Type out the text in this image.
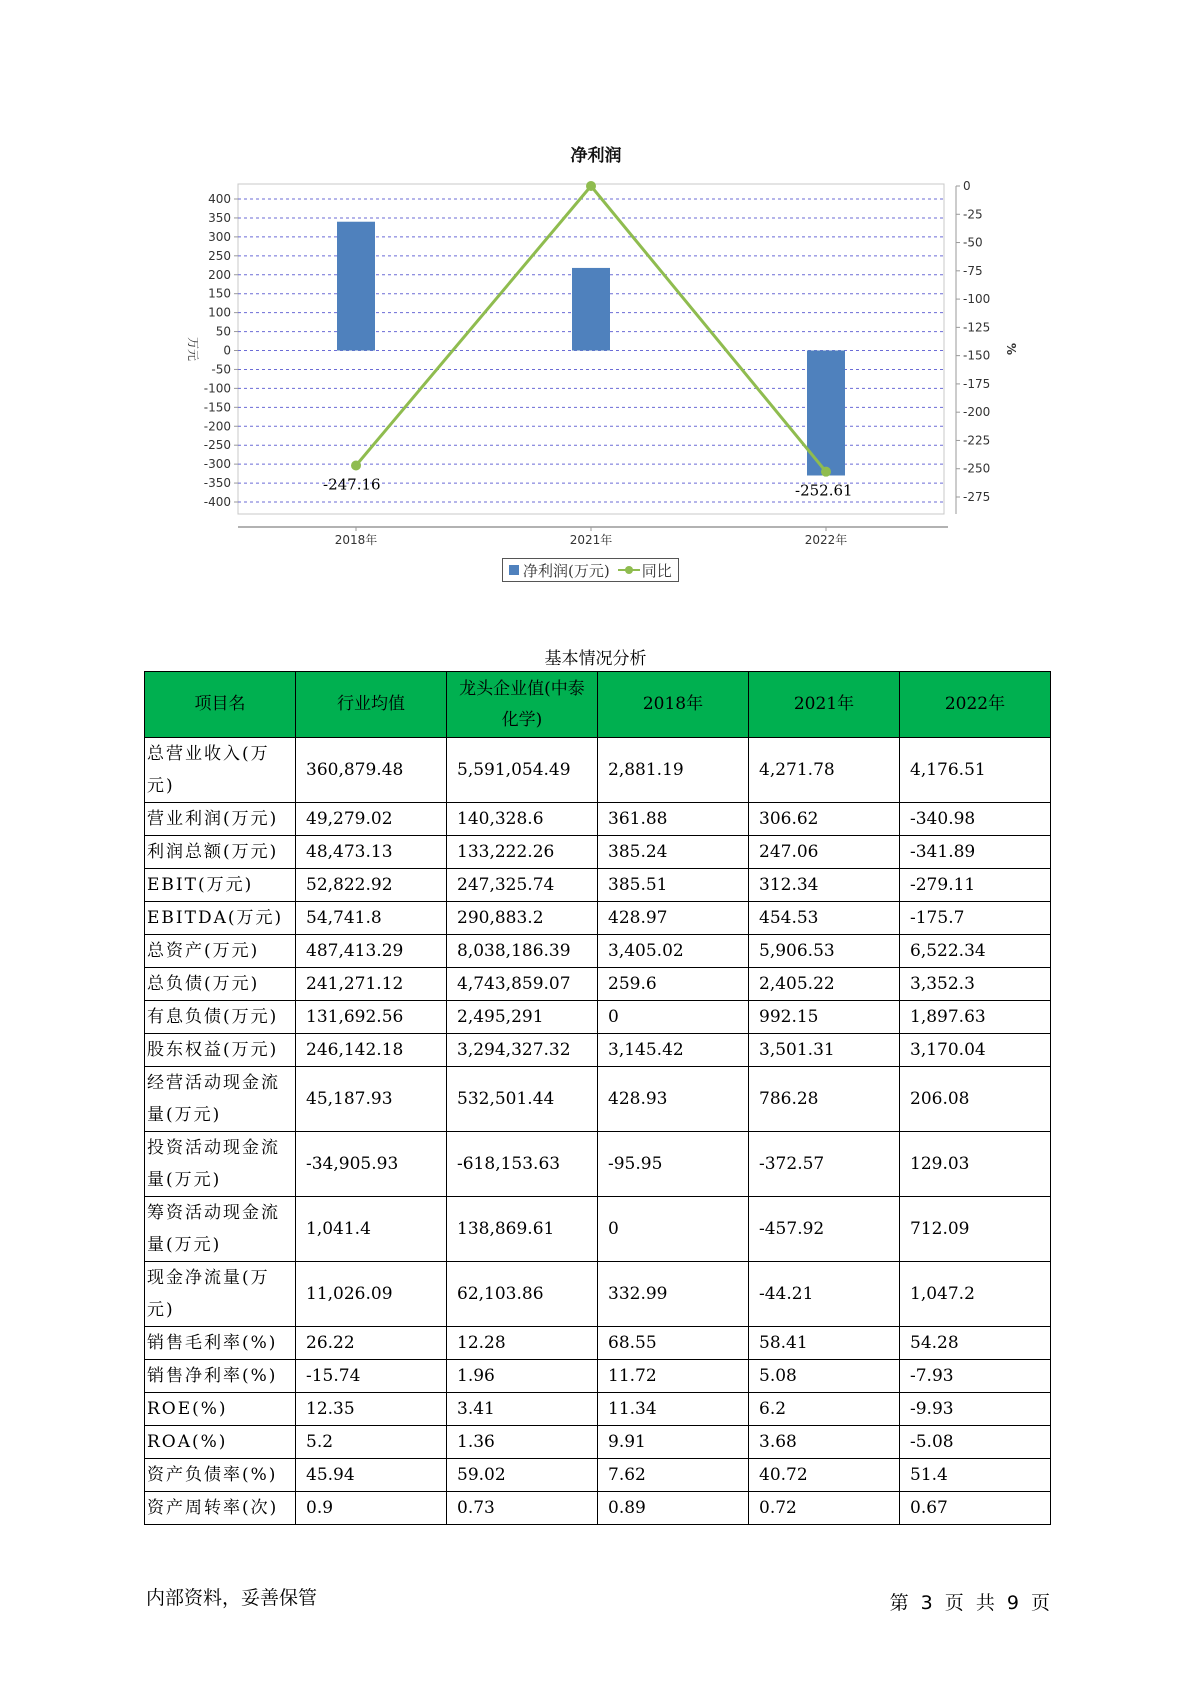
净利润
400
350
300
250
200
150
100
50
0
-50
-100
-150
-200
-250
-300
-350
-400
0
-25
-50
-75
-100
-125
-150
-175
-200
-225
-250
-275
万元	%
2018年	2021年	2022年
-247.16	-252.61
净利润(万元) 同比
基本情况分析
项目名	行业均值	龙头企业值(中泰化学)	2018年	2021年	2022年
总营业收入(万元)	360,879.48	5,591,054.49	2,881.19	4,271.78	4,176.51
营业利润(万元)	49,279.02	140,328.6	361.88	306.62	-340.98
利润总额(万元)	48,473.13	133,222.26	385.24	247.06	-341.89
EBIT(万元)	52,822.92	247,325.74	385.51	312.34	-279.11
EBITDA(万元)	54,741.8	290,883.2	428.97	454.53	-175.7
总资产(万元)	487,413.29	8,038,186.39	3,405.02	5,906.53	6,522.34
总负债(万元)	241,271.12	4,743,859.07	259.6	2,405.22	3,352.3
有息负债(万元)	131,692.56	2,495,291	0	992.15	1,897.63
股东权益(万元)	246,142.18	3,294,327.32	3,145.42	3,501.31	3,170.04
经营活动现金流量(万元)	45,187.93	532,501.44	428.93	786.28	206.08
投资活动现金流量(万元)	-34,905.93	-618,153.63	-95.95	-372.57	129.03
筹资活动现金流量(万元)	1,041.4	138,869.61	0	-457.92	712.09
现金净流量(万元)	11,026.09	62,103.86	332.99	-44.21	1,047.2
销售毛利率(%)	26.22	12.28	68.55	58.41	54.28
销售净利率(%)	-15.74	1.96	11.72	5.08	-7.93
ROE(%)	12.35	3.41	11.34	6.2	-9.93
ROA(%)	5.2	1.36	9.91	3.68	-5.08
资产负债率(%)	45.94	59.02	7.62	40.72	51.4
资产周转率(次)	0.9	0.73	0.89	0.72	0.67
内部资料，妥善保管	第 3 页 共 9 页
